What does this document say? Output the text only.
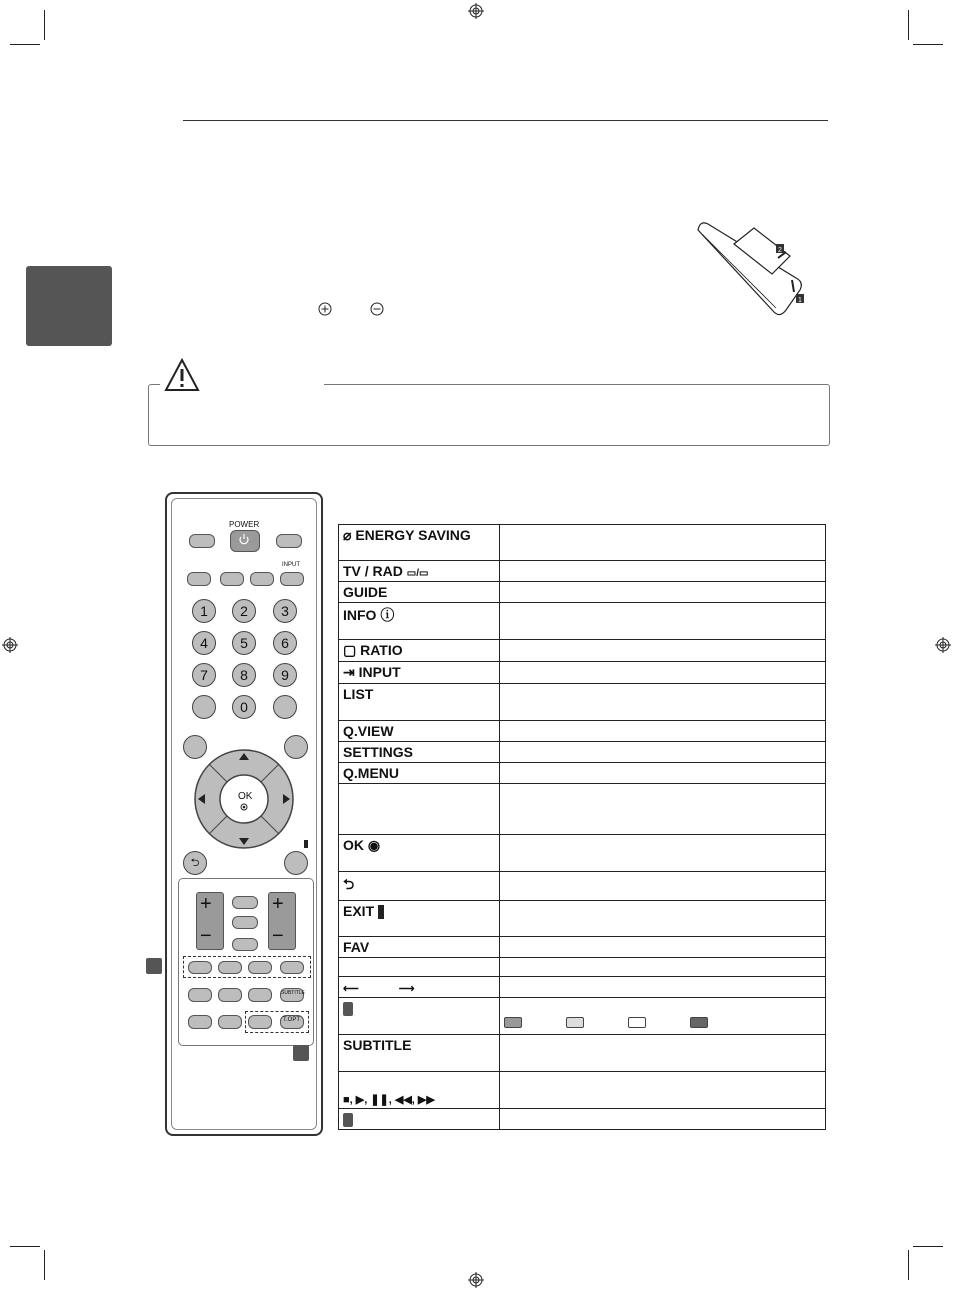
2
1
POWER
INPUT
1	2	3
4	5	6
7	8	9
0
OK
⮌
+
−
+
−
SUBTITLE
T.OPT
⌀ ENERGY SAVING	
TV / RAD ▭/▭	
GUIDE	
INFO ⓘ	
▢ RATIO	
⇥ INPUT	
LIST	
Q.VIEW	
SETTINGS	
Q.MENU	

OK ◉	
⮌	
EXIT	
FAV	

⟵ ⟶	

SUBTITLE	
■, ▶, ❚❚, ◀◀, ▶▶	
